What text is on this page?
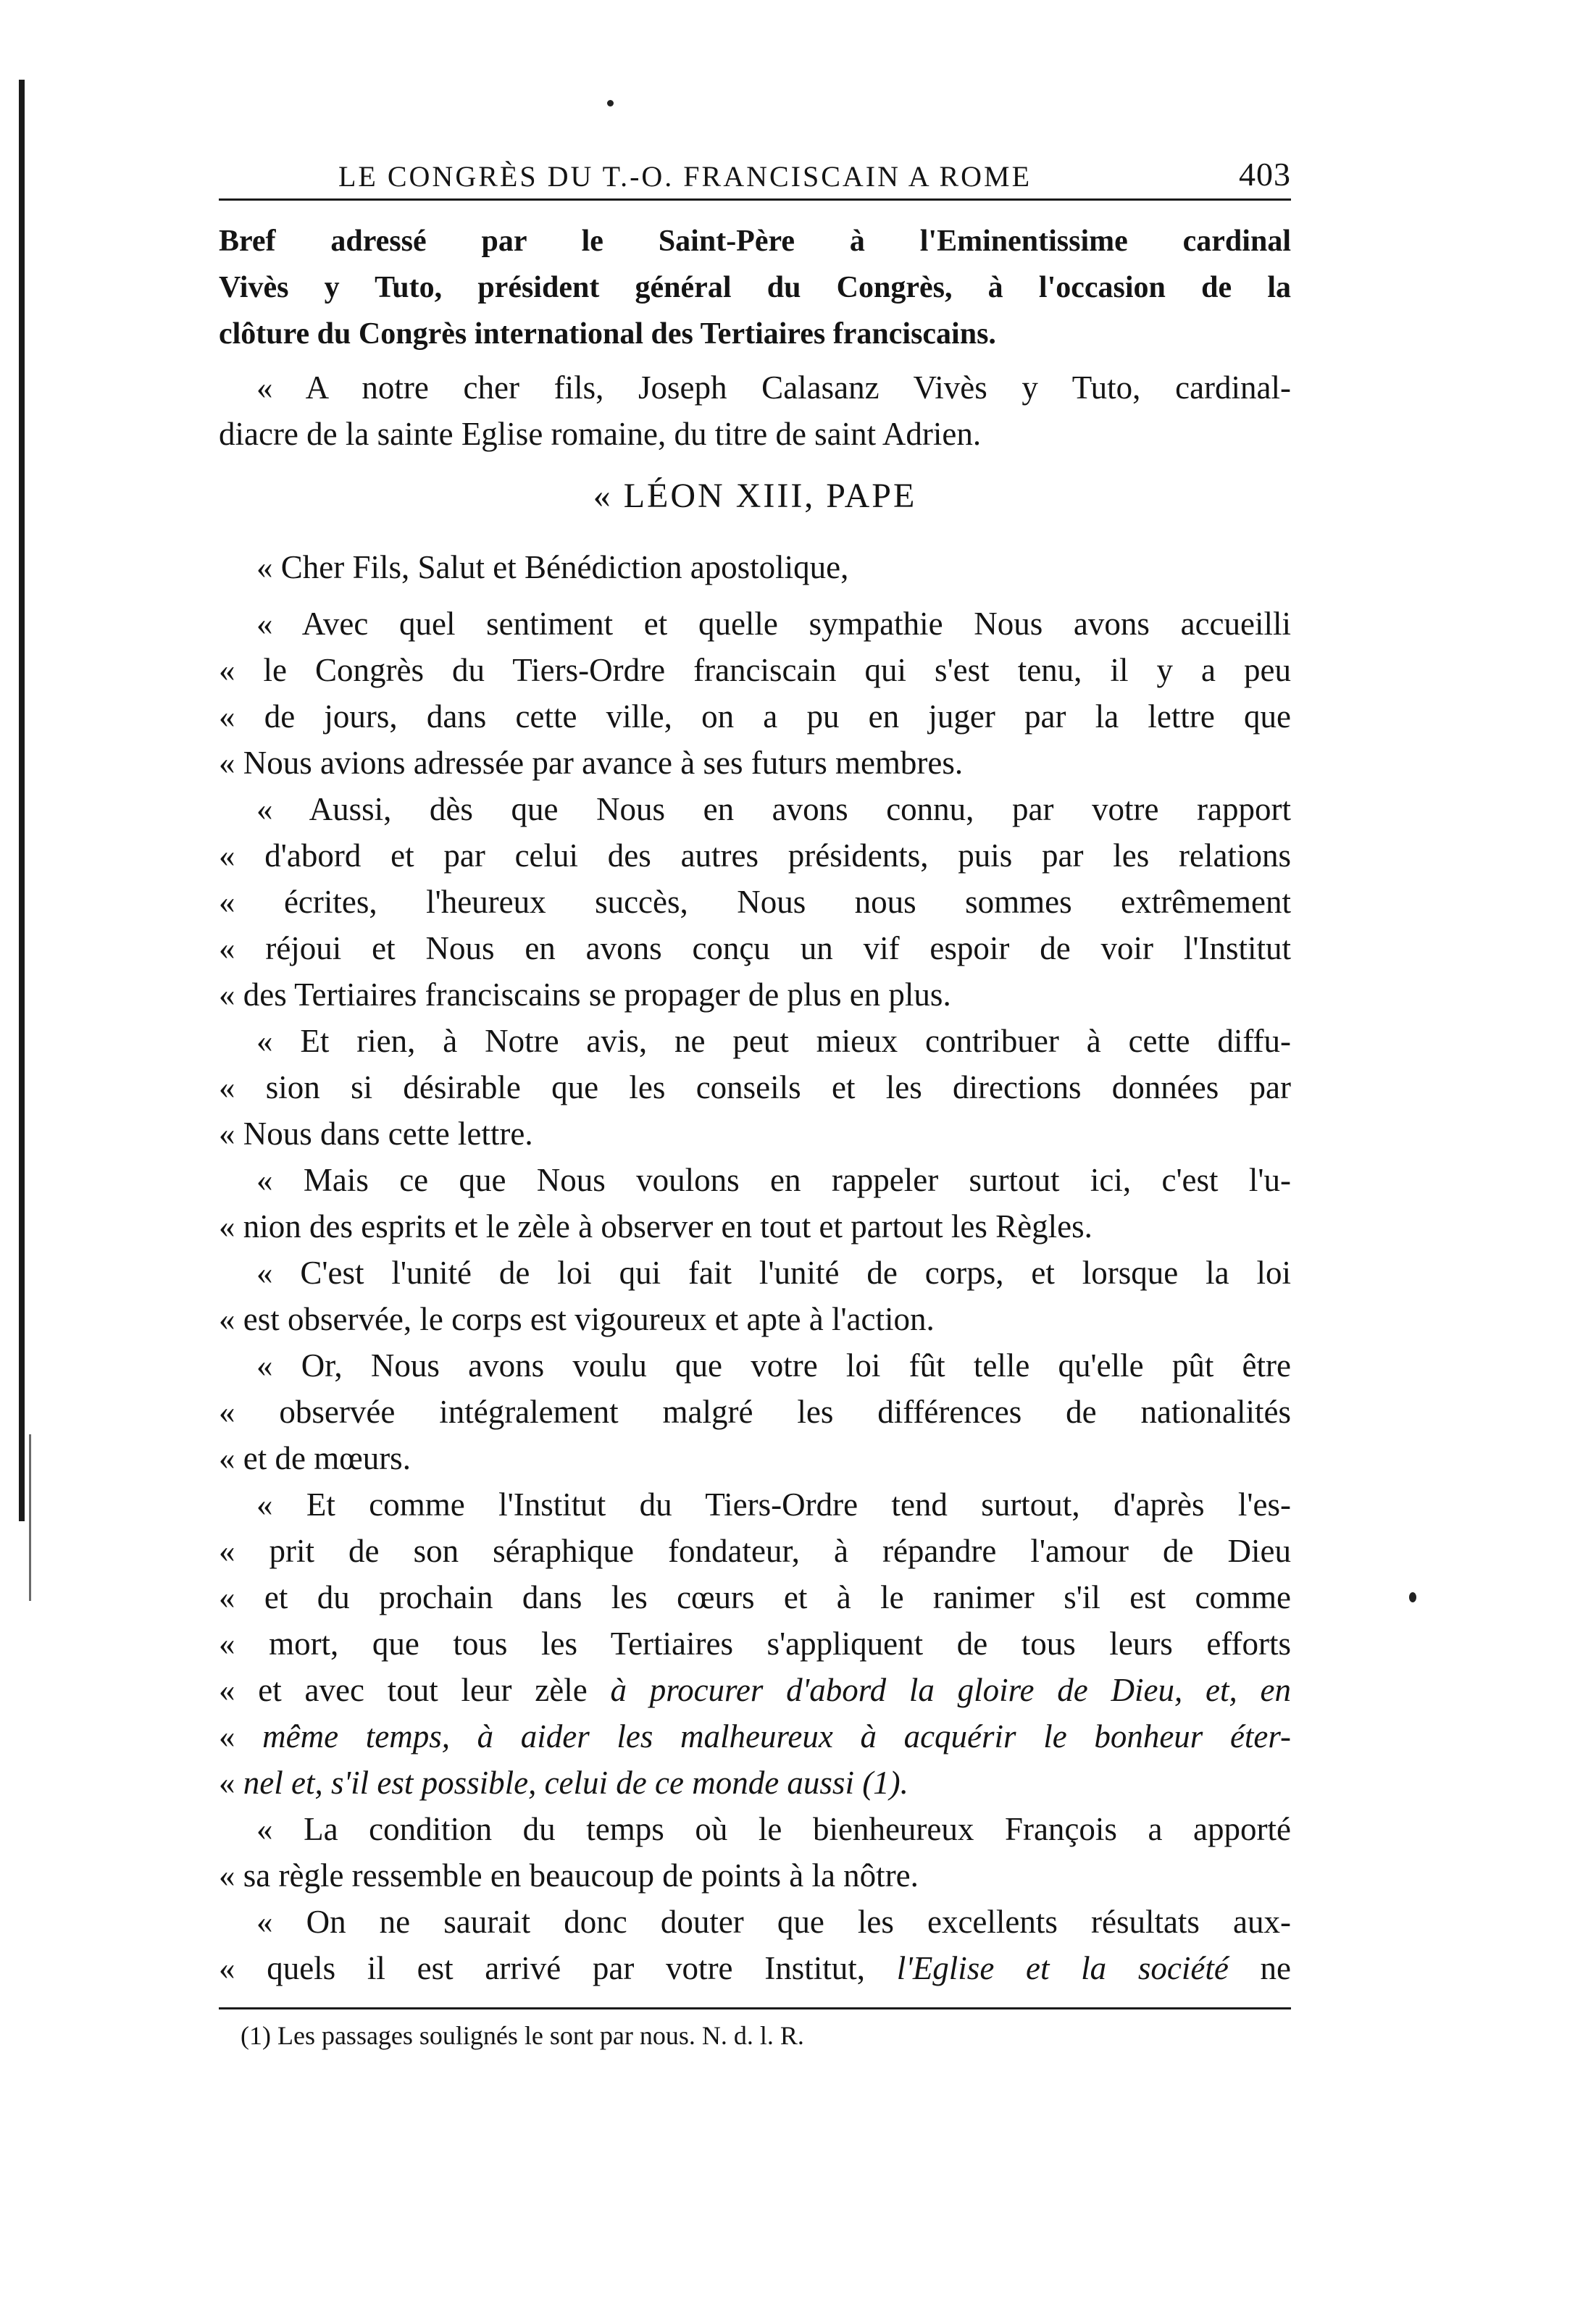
LE CONGRÈS DU T.-O. FRANCISCAIN A ROME	403
Bref adressé par le Saint-Père à l'Eminentissime cardinal
Vivès y Tuto, président général du Congrès, à l'occasion de la
clôture du Congrès international des Tertiaires franciscains.
« A notre cher fils, Joseph Calasanz Vivès y Tuto, cardinal-
diacre de la sainte Eglise romaine, du titre de saint Adrien.
« LÉON XIII, PAPE
« Cher Fils, Salut et Bénédiction apostolique,
« Avec quel sentiment et quelle sympathie Nous avons accueilli
« le Congrès du Tiers-Ordre franciscain qui s'est tenu, il y a peu
« de jours, dans cette ville, on a pu en juger par la lettre que
« Nous avions adressée par avance à ses futurs membres.
« Aussi, dès que Nous en avons connu, par votre rapport
« d'abord et par celui des autres présidents, puis par les relations
« écrites, l'heureux succès, Nous nous sommes extrêmement
« réjoui et Nous en avons conçu un vif espoir de voir l'Institut
« des Tertiaires franciscains se propager de plus en plus.
« Et rien, à Notre avis, ne peut mieux contribuer à cette diffu-
« sion si désirable que les conseils et les directions données par
« Nous dans cette lettre.
« Mais ce que Nous voulons en rappeler surtout ici, c'est l'u-
« nion des esprits et le zèle à observer en tout et partout les Règles.
« C'est l'unité de loi qui fait l'unité de corps, et lorsque la loi
« est observée, le corps est vigoureux et apte à l'action.
« Or, Nous avons voulu que votre loi fût telle qu'elle pût être
« observée intégralement malgré les différences de nationalités
« et de mœurs.
« Et comme l'Institut du Tiers-Ordre tend surtout, d'après l'es-
« prit de son séraphique fondateur, à répandre l'amour de Dieu
« et du prochain dans les cœurs et à le ranimer s'il est comme
« mort, que tous les Tertiaires s'appliquent de tous leurs efforts
« et avec tout leur zèle à procurer d'abord la gloire de Dieu, et, en
« même temps, à aider les malheureux à acquérir le bonheur éter-
« nel et, s'il est possible, celui de ce monde aussi (1).
« La condition du temps où le bienheureux François a apporté
« sa règle ressemble en beaucoup de points à la nôtre.
« On ne saurait donc douter que les excellents résultats aux-
« quels il est arrivé par votre Institut, l'Eglise et la société ne
(1) Les passages soulignés le sont par nous. N. d. l. R.
